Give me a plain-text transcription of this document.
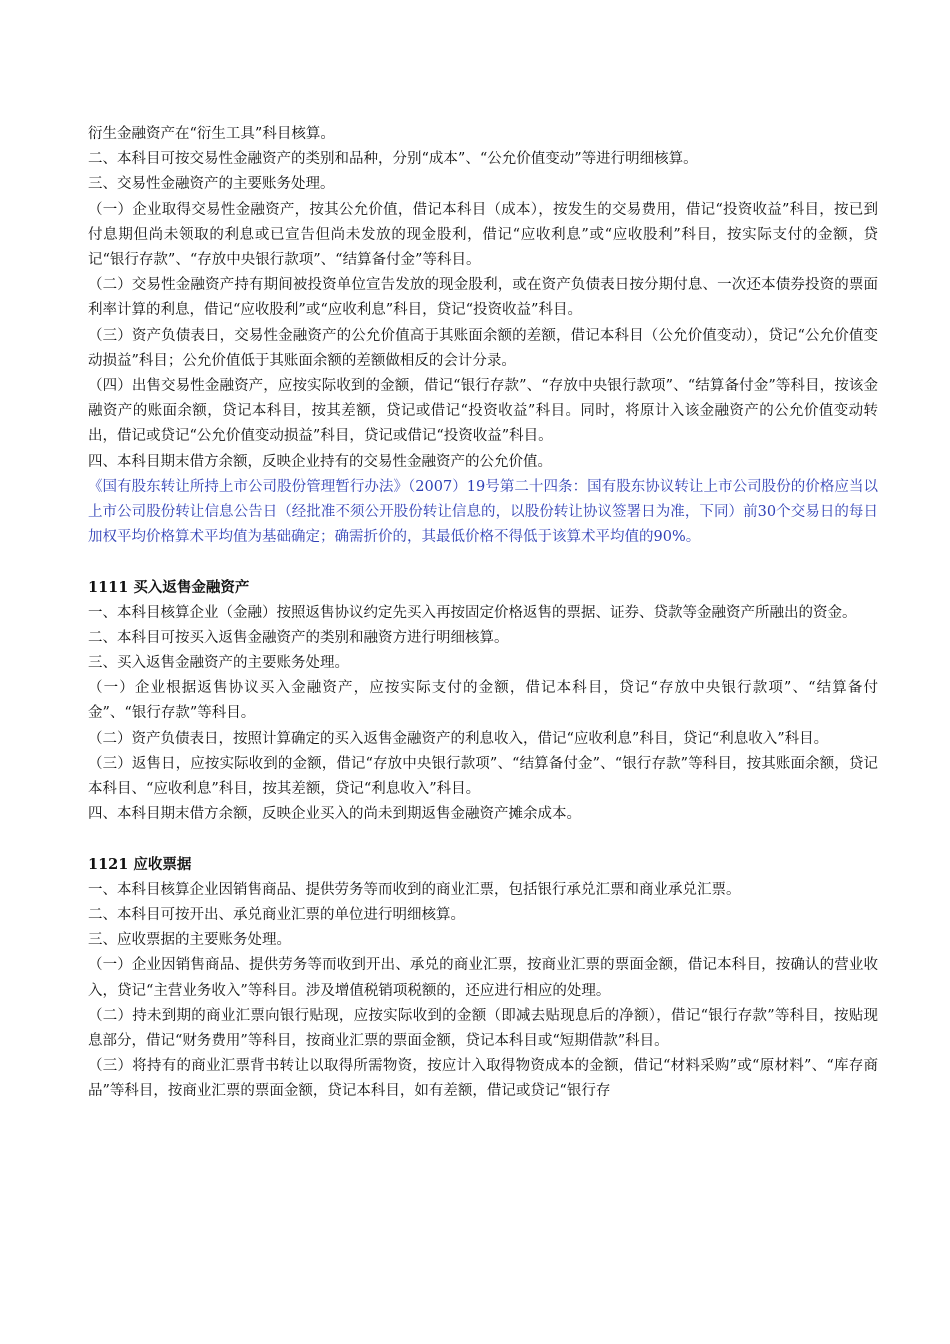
衍生金融资产在“衍生工具”科目核算。

二、本科目可按交易性金融资产的类别和品种，分别“成本”、“公允价值变动”等进行明细核算。

三、交易性金融资产的主要账务处理。

（一）企业取得交易性金融资产，按其公允价值，借记本科目（成本），按发生的交易费用，借记“投资收益”科目，按已到付息期但尚未领取的利息或已宣告但尚未发放的现金股利，借记“应收利息”或“应收股利”科目，按实际支付的金额，贷记“银行存款”、“存放中央银行款项”、“结算备付金”等科目。

（二）交易性金融资产持有期间被投资单位宣告发放的现金股利，或在资产负债表日按分期付息、一次还本债券投资的票面利率计算的利息，借记“应收股利”或“应收利息”科目，贷记“投资收益”科目。

（三）资产负债表日，交易性金融资产的公允价值高于其账面余额的差额，借记本科目（公允价值变动），贷记“公允价值变动损益”科目；公允价值低于其账面余额的差额做相反的会计分录。

（四）出售交易性金融资产，应按实际收到的金额，借记“银行存款”、“存放中央银行款项”、“结算备付金”等科目，按该金融资产的账面余额，贷记本科目，按其差额，贷记或借记“投资收益”科目。同时，将原计入该金融资产的公允价值变动转出，借记或贷记“公允价值变动损益”科目，贷记或借记“投资收益”科目。

四、本科目期末借方余额，反映企业持有的交易性金融资产的公允价值。

《国有股东转让所持上市公司股份管理暂行办法》（2007）19号第二十四条：国有股东协议转让上市公司股份的价格应当以上市公司股份转让信息公告日（经批准不须公开股份转让信息的，以股份转让协议签署日为准，下同）前30个交易日的每日加权平均价格算术平均值为基础确定；确需折价的，其最低价格不得低于该算术平均值的90%。

1111 买入返售金融资产

一、本科目核算企业（金融）按照返售协议约定先买入再按固定价格返售的票据、证券、贷款等金融资产所融出的资金。

二、本科目可按买入返售金融资产的类别和融资方进行明细核算。

三、买入返售金融资产的主要账务处理。

（一）企业根据返售协议买入金融资产，应按实际支付的金额，借记本科目，贷记“存放中央银行款项”、“结算备付金”、“银行存款”等科目。

（二）资产负债表日，按照计算确定的买入返售金融资产的利息收入，借记“应收利息”科目，贷记“利息收入”科目。

（三）返售日，应按实际收到的金额，借记“存放中央银行款项”、“结算备付金”、“银行存款”等科目，按其账面余额，贷记本科目、“应收利息”科目，按其差额，贷记“利息收入”科目。

四、本科目期末借方余额，反映企业买入的尚未到期返售金融资产摊余成本。

1121 应收票据

一、本科目核算企业因销售商品、提供劳务等而收到的商业汇票，包括银行承兑汇票和商业承兑汇票。

二、本科目可按开出、承兑商业汇票的单位进行明细核算。

三、应收票据的主要账务处理。

（一）企业因销售商品、提供劳务等而收到开出、承兑的商业汇票，按商业汇票的票面金额，借记本科目，按确认的营业收入，贷记“主营业务收入”等科目。涉及增值税销项税额的，还应进行相应的处理。

（二）持未到期的商业汇票向银行贴现，应按实际收到的金额（即减去贴现息后的净额），借记“银行存款”等科目，按贴现息部分，借记“财务费用”等科目，按商业汇票的票面金额，贷记本科目或“短期借款”科目。

（三）将持有的商业汇票背书转让以取得所需物资，按应计入取得物资成本的金额，借记“材料采购”或“原材料”、“库存商品”等科目，按商业汇票的票面金额，贷记本科目，如有差额，借记或贷记“银行存
